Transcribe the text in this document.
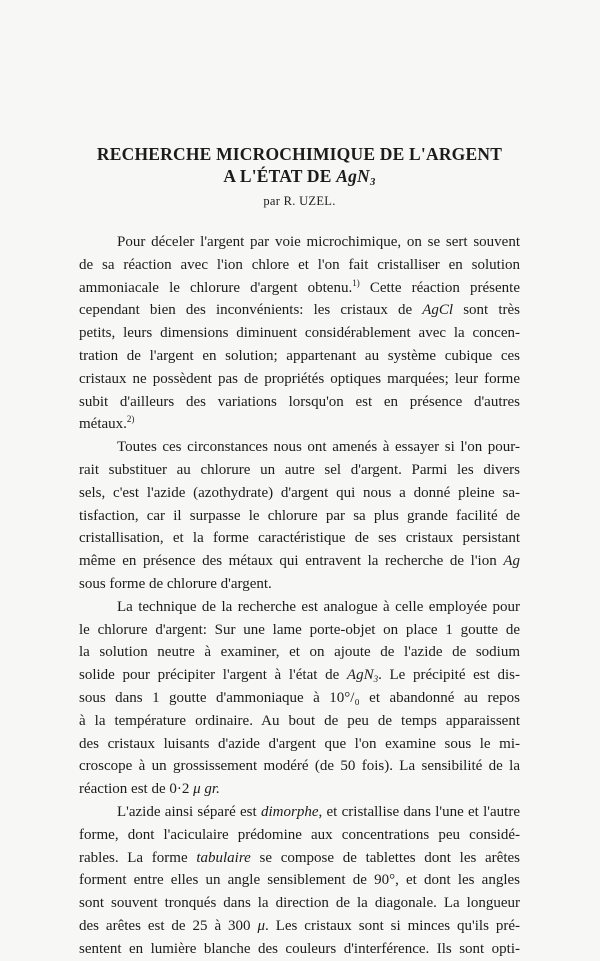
RECHERCHE MICROCHIMIQUE DE L'ARGENT
A L'ÉTAT DE AgN$_3$
par R. UZEL.

Pour déceler l'argent par voie microchimique, on se sert souvent
de sa réaction avec l'ion chlore et l'on fait cristalliser en solution
ammoniacale le chlorure d'argent obtenu.$^{1)}$ Cette réaction présente
cependant bien des inconvénients: les cristaux de AgCl sont très
petits, leurs dimensions diminuent considérablement avec la concen-
tration de l'argent en solution; appartenant au système cubique ces
cristaux ne possèdent pas de propriétés optiques marquées; leur forme
subit d'ailleurs des variations lorsqu'on est en présence d'autres
métaux.$^{2)}$

Toutes ces circonstances nous ont amenés à essayer si l'on pour-
rait substituer au chlorure un autre sel d'argent. Parmi les divers
sels, c'est l'azide (azothydrate) d'argent qui nous a donné pleine sa-
tisfaction, car il surpasse le chlorure par sa plus grande facilité de
cristallisation, et la forme caractéristique de ses cristaux persistant
même en présence des métaux qui entravent la recherche de l'ion Ag
sous forme de chlorure d'argent.

La technique de la recherche est analogue à celle employée pour
le chlorure d'argent: Sur une lame porte-objet on place 1 goutte de
la solution neutre à examiner, et on ajoute de l'azide de sodium
solide pour précipiter l'argent à l'état de AgN$_3$. Le précipité est dis-
sous dans 1 goutte d'ammoniaque à 10°/₀ et abandonné au repos
à la température ordinaire. Au bout de peu de temps apparaissent
des cristaux luisants d'azide d'argent que l'on examine sous le mi-
croscope à un grossissement modéré (de 50 fois). La sensibilité de la
réaction est de 0·2 μ gr.

L'azide ainsi séparé est dimorphe, et cristallise dans l'une et l'autre
forme, dont l'aciculaire prédomine aux concentrations peu considé-
rables. La forme tabulaire se compose de tablettes dont les arêtes
forment entre elles un angle sensiblement de 90°, et dont les angles
sont souvent tronqués dans la direction de la diagonale. La longueur
des arêtes est de 25 à 300 μ. Les cristaux sont si minces qu'ils pré-
sentent en lumière blanche des couleurs d'interférence. Ils sont opti-
